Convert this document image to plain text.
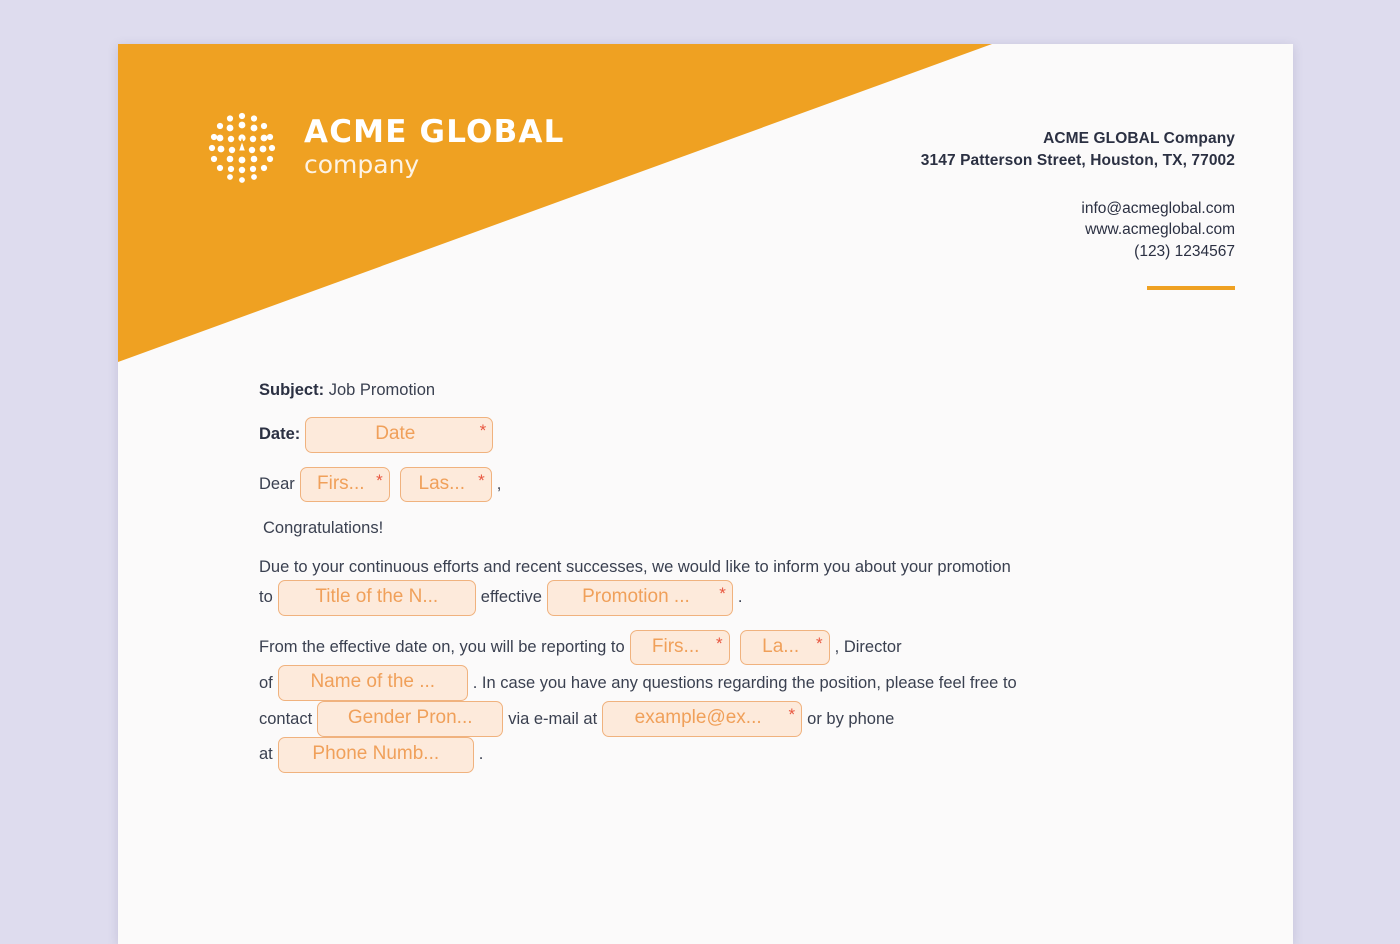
ACME GLOBAL
company
ACME GLOBAL Company
3147 Patterson Street, Houston, TX, 77002
info@acmeglobal.com
www.acmeglobal.com
(123) 1234567
Subject:
Job Promotion
Date:	Date *
Dear	Firs... *	Las... *	,
Congratulations!
Due to your continuous efforts and recent successes, we would like to inform you about your promotion
to	Title of the N...	effective	Promotion ... *	.
From the effective date on, you will be reporting to	Firs... *	La... *	, Director
of	Name of the ...	. In case you have any questions regarding the position, please feel free to
contact	Gender Pron...	via e-mail at	example@ex... *	or by phone
at	Phone Numb...	.
